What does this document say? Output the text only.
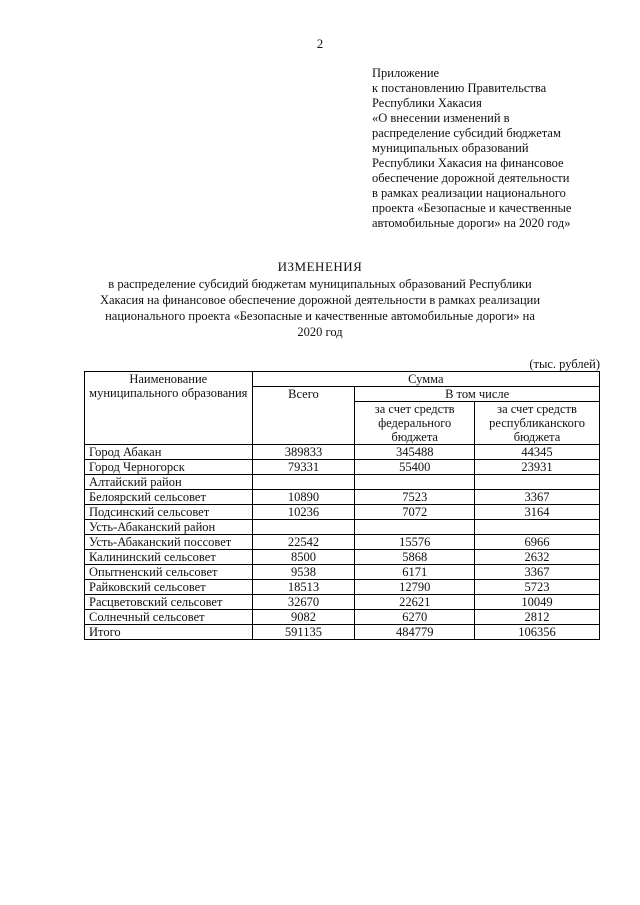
2
Приложение
к постановлению Правительства
Республики Хакасия
«О внесении изменений в
распределение субсидий бюджетам
муниципальных образований
Республики Хакасия на финансовое
обеспечение дорожной деятельности
в рамках реализации национального
проекта «Безопасные и качественные
автомобильные дороги» на 2020 год»
ИЗМЕНЕНИЯ
в распределение субсидий бюджетам муниципальных образований Республики
Хакасия на финансовое обеспечение дорожной деятельности в рамках реализации
национального проекта «Безопасные и качественные автомобильные дороги» на
2020 год
(тыс. рублей)
Наименование муниципального образования	Сумма		
	Всего	В том числе	
		за счет средств федерального бюджета	за счет средств республиканского бюджета
Город Абакан	389833	345488	44345
Город Черногорск	79331	55400	23931
Алтайский район			
Белоярский сельсовет	10890	7523	3367
Подсинский сельсовет	10236	7072	3164
Усть-Абаканский район			
Усть-Абаканский поссовет	22542	15576	6966
Калининский сельсовет	8500	5868	2632
Опытненский сельсовет	9538	6171	3367
Райковский сельсовет	18513	12790	5723
Расцветовский сельсовет	32670	22621	10049
Солнечный сельсовет	9082	6270	2812
Итого	591135	484779	106356
